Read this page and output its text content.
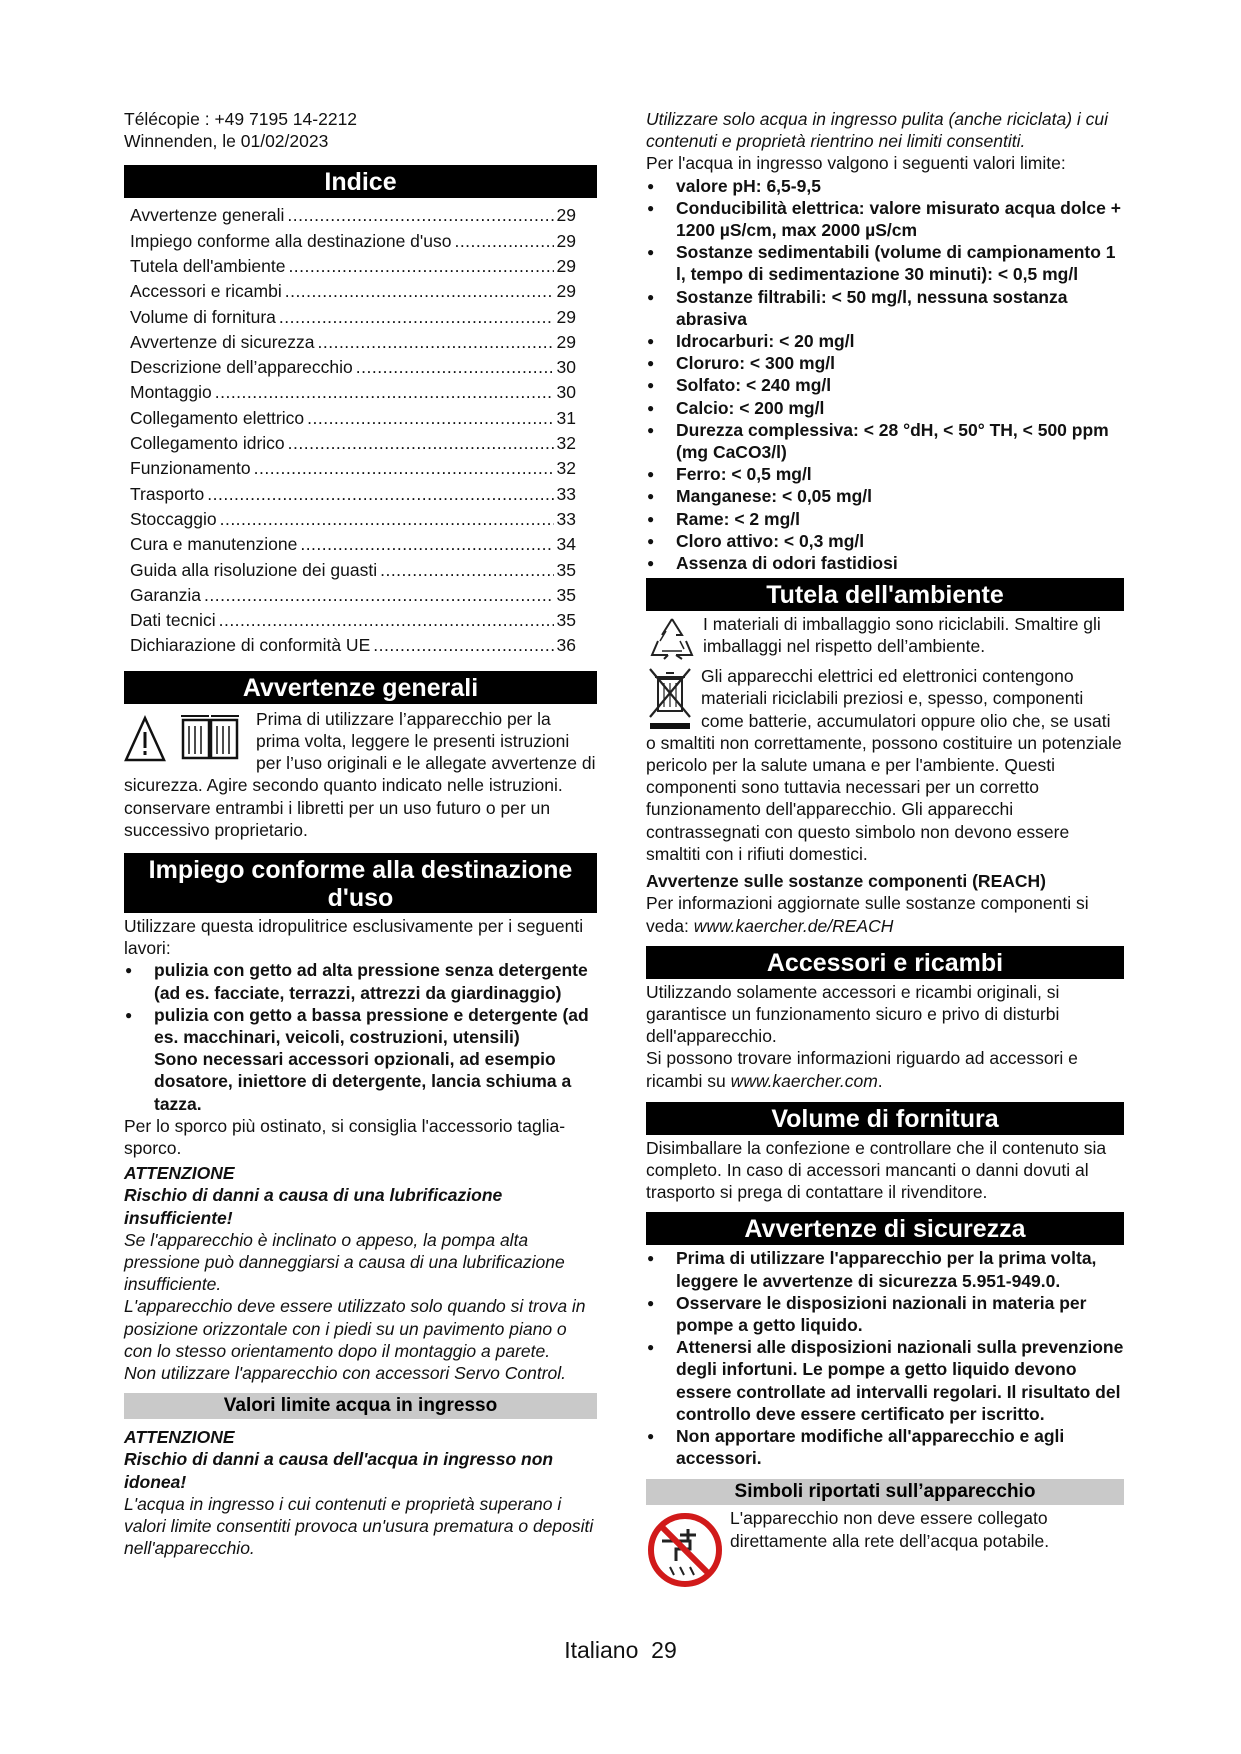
Télécopie : +49 7195 14-2212

Winnenden, le 01/02/2023

Indice
Avvertenze generali .....	29
Impiego conforme alla destinazione d'uso .....	29
Tutela dell'ambiente .....	29
Accessori e ricambi .....	29
Volume di fornitura .....	29
Avvertenze di sicurezza .....	29
Descrizione dell’apparecchio .....	30
Montaggio .....	30
Collegamento elettrico .....	31
Collegamento idrico .....	32
Funzionamento .....	32
Trasporto .....	33
Stoccaggio .....	33
Cura e manutenzione .....	34
Guida alla risoluzione dei guasti .....	35
Garanzia .....	35
Dati tecnici .....	35
Dichiarazione di conformità UE .....	36
Avvertenze generali

Prima di utilizzare l’apparecchio per la prima volta, leggere le presenti istruzioni per l’uso originali e le allegate avvertenze di sicurezza. Agire secondo quanto indicato nelle istruzioni.

conservare entrambi i libretti per un uso futuro o per un successivo proprietario.

Impiego conforme alla destinazione
d'uso

Utilizzare questa idropulitrice esclusivamente per i seguenti lavori:

● pulizia con getto ad alta pressione senza detergente (ad es. facciate, terrazzi, attrezzi da giardinaggio)
● pulizia con getto a bassa pressione e detergente (ad es. macchinari, veicoli, costruzioni, utensili)
Sono necessari accessori opzionali, ad esempio dosatore, iniettore di detergente, lancia schiuma a tazza.

Per lo sporco più ostinato, si consiglia l'accessorio taglia-sporco.

ATTENZIONE

Rischio di danni a causa di una lubrificazione insufficiente!

Se l'apparecchio è inclinato o appeso, la pompa alta pressione può danneggiarsi a causa di una lubrificazione insufficiente.

L'apparecchio deve essere utilizzato solo quando si trova in posizione orizzontale con i piedi su un pavimento piano o con lo stesso orientamento dopo il montaggio a parete.

Non utilizzare l'apparecchio con accessori Servo Control.

Valori limite acqua in ingresso

ATTENZIONE

Rischio di danni a causa dell'acqua in ingresso non idonea!

L'acqua in ingresso i cui contenuti e proprietà superano i valori limite consentiti provoca un'usura prematura o depositi nell'apparecchio.

Utilizzare solo acqua in ingresso pulita (anche riciclata) i cui contenuti e proprietà rientrino nei limiti consentiti.

Per l'acqua in ingresso valgono i seguenti valori limite:

● valore pH: 6,5-9,5
● Conducibilità elettrica: valore misurato acqua dolce + 1200 µS/cm, max 2000 µS/cm
● Sostanze sedimentabili (volume di campionamento 1 l, tempo di sedimentazione 30 minuti): < 0,5 mg/l
● Sostanze filtrabili: < 50 mg/l, nessuna sostanza abrasiva
● Idrocarburi: < 20 mg/l
● Cloruro: < 300 mg/l
● Solfato: < 240 mg/l
● Calcio: < 200 mg/l
● Durezza complessiva: < 28 °dH, < 50° TH, < 500 ppm (mg CaCO3/l)
● Ferro: < 0,5 mg/l
● Manganese: < 0,05 mg/l
● Rame: < 2 mg/l
● Cloro attivo: < 0,3 mg/l
● Assenza di odori fastidiosi
Tutela dell'ambiente

I materiali di imballaggio sono riciclabili. Smaltire gli imballaggi nel rispetto dell’ambiente.

Gli apparecchi elettrici ed elettronici contengono materiali riciclabili preziosi e, spesso, componenti come batterie, accumulatori oppure olio che, se usati o smaltiti non correttamente, possono costituire un potenziale pericolo per la salute umana e per l'ambiente. Questi componenti sono tuttavia necessari per un corretto funzionamento dell'apparecchio. Gli apparecchi contrassegnati con questo simbolo non devono essere smaltiti con i rifiuti domestici.

Avvertenze sulle sostanze componenti (REACH)

Per informazioni aggiornate sulle sostanze componenti si veda: www.kaercher.de/REACH

Accessori e ricambi

Utilizzando solamente accessori e ricambi originali, si garantisce un funzionamento sicuro e privo di disturbi dell'apparecchio.

Si possono trovare informazioni riguardo ad accessori e ricambi su www.kaercher.com.

Volume di fornitura

Disimballare la confezione e controllare che il contenuto sia completo. In caso di accessori mancanti o danni dovuti al trasporto si prega di contattare il rivenditore.

Avvertenze di sicurezza
● Prima di utilizzare l'apparecchio per la prima volta, leggere le avvertenze di sicurezza 5.951-949.0.
● Osservare le disposizioni nazionali in materia per pompe a getto liquido.
● Attenersi alle disposizioni nazionali sulla prevenzione degli infortuni. Le pompe a getto liquido devono essere controllate ad intervalli regolari. Il risultato del controllo deve essere certificato per iscritto.
● Non apportare modifiche all'apparecchio e agli accessori.
Simboli riportati sull’apparecchio

L'apparecchio non deve essere collegato direttamente alla rete dell’acqua potabile.

Italiano 29
